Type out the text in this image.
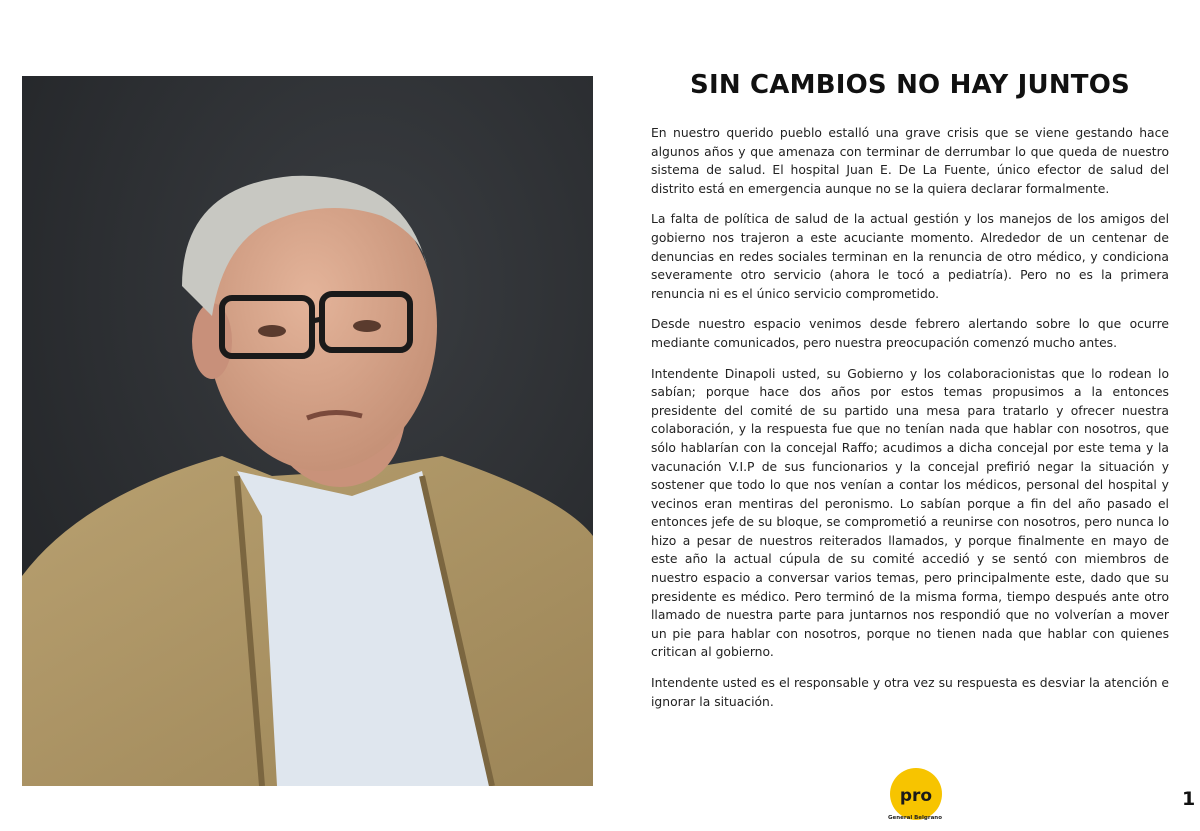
SIN CAMBIOS NO HAY JUNTOS

En nuestro querido pueblo estalló una grave crisis que se viene gestando hace algunos años y que amenaza con terminar de derrumbar lo que queda de nuestro sistema de salud. El hospital Juan E. De La Fuente, único efector de salud del distrito está en emergencia aunque no se la quiera declarar formalmente.

La falta de política de salud de la actual gestión y los manejos de los amigos del gobierno nos trajeron a este acuciante momento. Alrededor de un centenar de denuncias en redes sociales terminan en la renuncia de otro médico, y condiciona severamente otro servicio (ahora le tocó a pediatría). Pero no es la primera renuncia ni es el único servicio comprometido.

Desde nuestro espacio venimos desde febrero alertando sobre lo que ocurre mediante comunicados, pero nuestra preocupación comenzó mucho antes.

Intendente Dinapoli usted, su Gobierno y los colaboracionistas que lo rodean lo sabían; porque hace dos años por estos temas propusimos a la entonces presidente del comité de su partido una mesa para tratarlo y ofrecer nuestra colaboración, y la respuesta fue que no tenían nada que hablar con nosotros, que sólo hablarían con la concejal Raffo; acudimos a dicha concejal por este tema y la vacunación V.I.P de sus funcionarios y la concejal prefirió negar la situación y sostener que todo lo que nos venían a contar los médicos, personal del hospital y vecinos eran mentiras del peronismo. Lo sabían porque a fin del año pasado el entonces jefe de su bloque, se comprometió a reunirse con nosotros, pero nunca lo hizo a pesar de nuestros reiterados llamados, y porque finalmente en mayo de este año la actual cúpula de su comité accedió y se sentó con miembros de nuestro espacio a conversar varios temas, pero principalmente este, dado que su presidente es médico. Pero terminó de la misma forma, tiempo después ante otro llamado de nuestra parte para juntarnos nos respondió que no volverían a mover un pie para hablar con nosotros, porque no tienen nada que hablar con quienes critican al gobierno.

Intendente usted es el responsable y otra vez su respuesta es desviar la atención e ignorar la situación.

pro
General Belgrano
1
